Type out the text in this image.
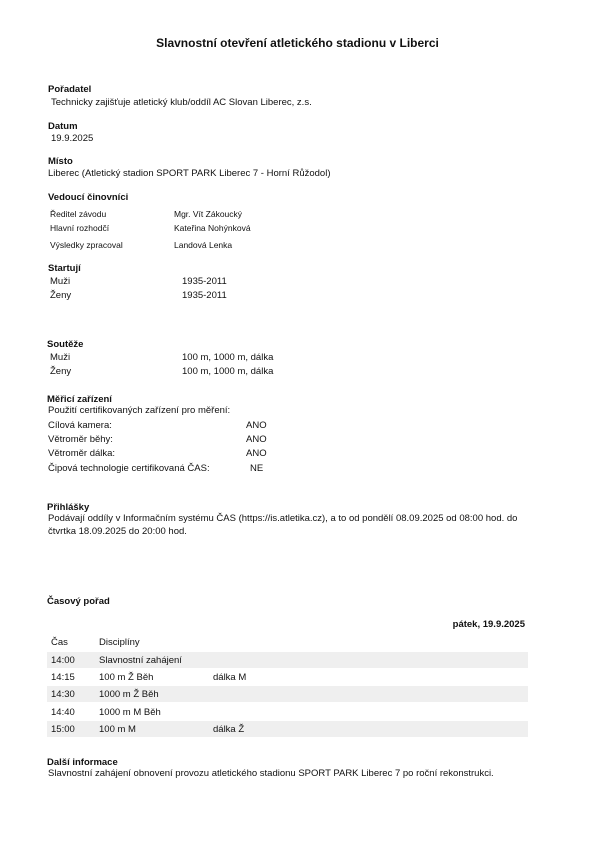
Slavnostní otevření atletického stadionu v Liberci
Pořadatel
Technicky zajišťuje atletický klub/oddíl AC Slovan Liberec, z.s.
Datum
19.9.2025
Místo
Liberec (Atletický stadion SPORT PARK Liberec 7 - Horní Růžodol)
Vedoucí činovníci
Ředitel závodu	Mgr. Vít Zákoucký
Hlavní rozhodčí	Kateřina Nohýnková
Výsledky zpracoval	Landová Lenka
Startují
Muži	1935-2011
Ženy	1935-2011
Soutěže
Muži	100 m, 1000 m, dálka
Ženy	100 m, 1000 m, dálka
Měřicí zařízení
Použití certifikovaných zařízení pro měření:
Cílová kamera:	ANO
Větroměr běhy:	ANO
Větroměr dálka:	ANO
Čipová technologie certifikovaná ČAS:	NE
Přihlášky
Podávají oddíly v Informačním systému ČAS (https://is.atletika.cz), a to od pondělí 08.09.2025 od 08:00 hod. do čtvrtka 18.09.2025 do 20:00 hod.
Časový pořad
pátek, 19.9.2025
Čas	Disciplíny
14:00	Slavnostní zahájení
14:15	100 m Ž Běh	dálka M
14:30	1000 m Ž Běh
14:40	1000 m M Běh
15:00	100 m M	dálka Ž
Další informace
Slavnostní zahájení obnovení provozu atletického stadionu SPORT PARK Liberec 7 po roční rekonstrukci.
